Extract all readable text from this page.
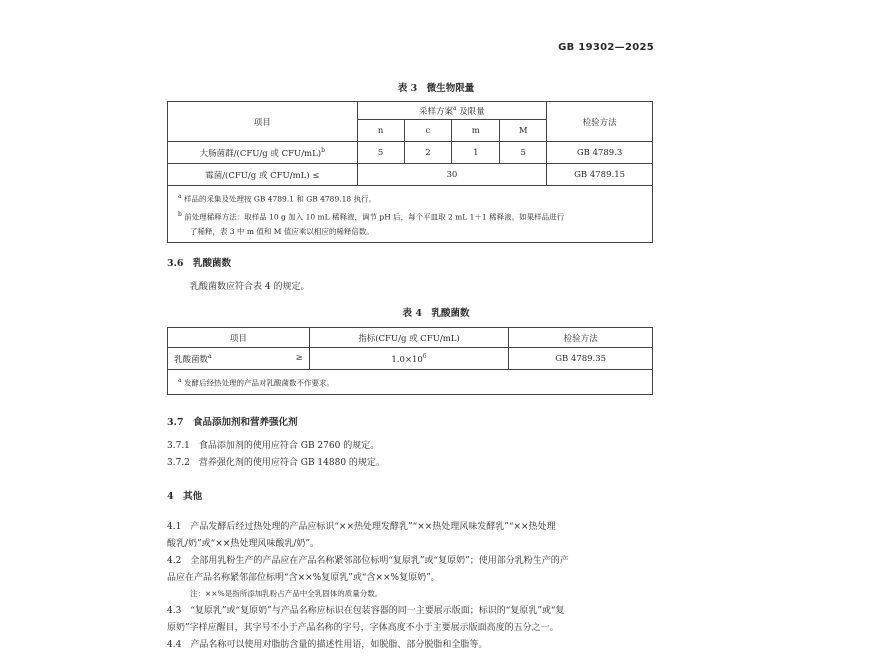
GB 19302—2025
表 3　微生物限量
项目	采样方案$^a$ 及限量				检验方法
	n	c	m	M	
大肠菌群/(CFU/g 或 CFU/mL)$^b$	5	2	1	5	GB 4789.3
霉菌/(CFU/g 或 CFU/mL) ≤	30				GB 4789.15

$^a$ 样品的采集及处理按 GB 4789.1 和 GB 4789.18 执行。
$^b$ 前处理稀释方法：取样品 10 g 加入 10 mL 稀释液，调节 pH 后，每个平皿取 2 mL 1＋1 稀释液。如果样品进行
了稀释，表 3 中 m 值和 M 值应乘以相应的稀释倍数。					
3.6　乳酸菌数
乳酸菌数应符合表 4 的规定。
表 4　乳酸菌数
项目	指标(CFU/g 或 CFU/mL)	检验方法
乳酸菌数$^a$ ≥	$1.0\times 10^6$	GB 4789.35

$^a$ 发酵后经热处理的产品对乳酸菌数不作要求。		
3.7　食品添加剂和营养强化剂
3.7.1　食品添加剂的使用应符合 GB 2760 的规定。
3.7.2　营养强化剂的使用应符合 GB 14880 的规定。
4　其他
4.1　产品发酵后经过热处理的产品应标识“××热处理发酵乳”“××热处理风味发酵乳”“××热处理
酸乳/奶”或“××热处理风味酸乳/奶”。
4.2　全部用乳粉生产的产品应在产品名称紧邻部位标明“复原乳”或“复原奶”；使用部分乳粉生产的产
品应在产品名称紧邻部位标明“含××%复原乳”或“含××%复原奶”。
注：××%是指所添加乳粉占产品中全乳固体的质量分数。
4.3　“复原乳”或“复原奶”与产品名称应标识在包装容器的同一主要展示版面；标识的“复原乳”或“复
原奶”字样应醒目，其字号不小于产品名称的字号，字体高度不小于主要展示版面高度的五分之一。
4.4　产品名称可以使用对脂肪含量的描述性用语，如脱脂、部分脱脂和全脂等。
